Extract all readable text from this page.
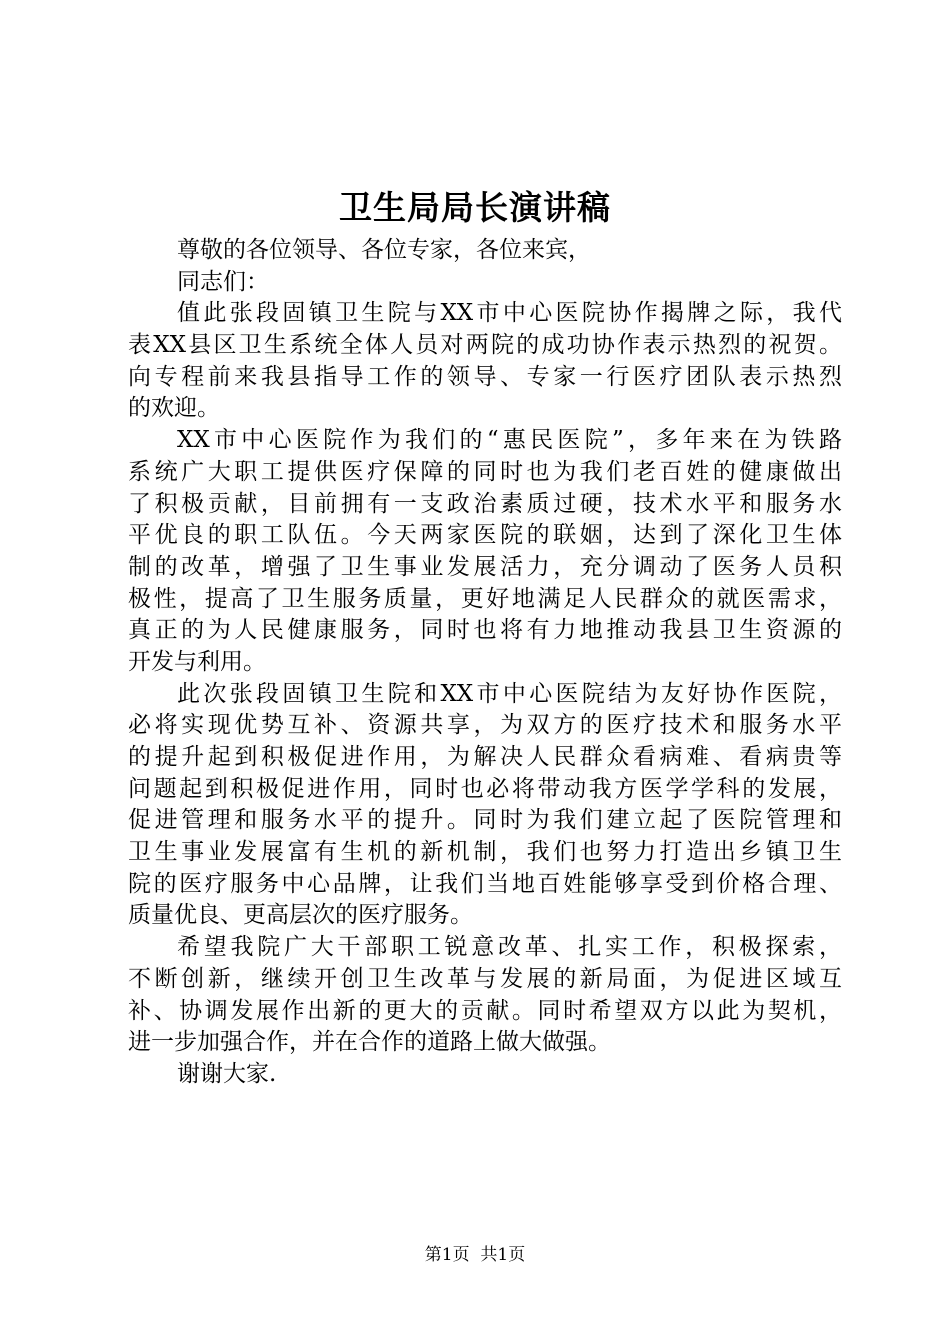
卫生局局长演讲稿
尊敬的各位领导、各位专家，各位来宾，
同志们：
值此张段固镇卫生院与XX市中心医院协作揭牌之际，我代
表XX县区卫生系统全体人员对两院的成功协作表示热烈的祝贺。
向专程前来我县指导工作的领导、专家一行医疗团队表示热烈
的欢迎。
XX市中心医院作为我们的“惠民医院”，多年来在为铁路
系统广大职工提供医疗保障的同时也为我们老百姓的健康做出
了积极贡献，目前拥有一支政治素质过硬，技术水平和服务水
平优良的职工队伍。今天两家医院的联姻，达到了深化卫生体
制的改革，增强了卫生事业发展活力，充分调动了医务人员积
极性，提高了卫生服务质量，更好地满足人民群众的就医需求，
真正的为人民健康服务，同时也将有力地推动我县卫生资源的
开发与利用。
此次张段固镇卫生院和XX市中心医院结为友好协作医院，
必将实现优势互补、资源共享，为双方的医疗技术和服务水平
的提升起到积极促进作用，为解决人民群众看病难、看病贵等
问题起到积极促进作用，同时也必将带动我方医学学科的发展，
促进管理和服务水平的提升。同时为我们建立起了医院管理和
卫生事业发展富有生机的新机制，我们也努力打造出乡镇卫生
院的医疗服务中心品牌，让我们当地百姓能够享受到价格合理、
质量优良、更高层次的医疗服务。
希望我院广大干部职工锐意改革、扎实工作，积极探索，
不断创新，继续开创卫生改革与发展的新局面，为促进区域互
补、协调发展作出新的更大的贡献。同时希望双方以此为契机，
进一步加强合作，并在合作的道路上做大做强。
谢谢大家.
第1页  共1页
